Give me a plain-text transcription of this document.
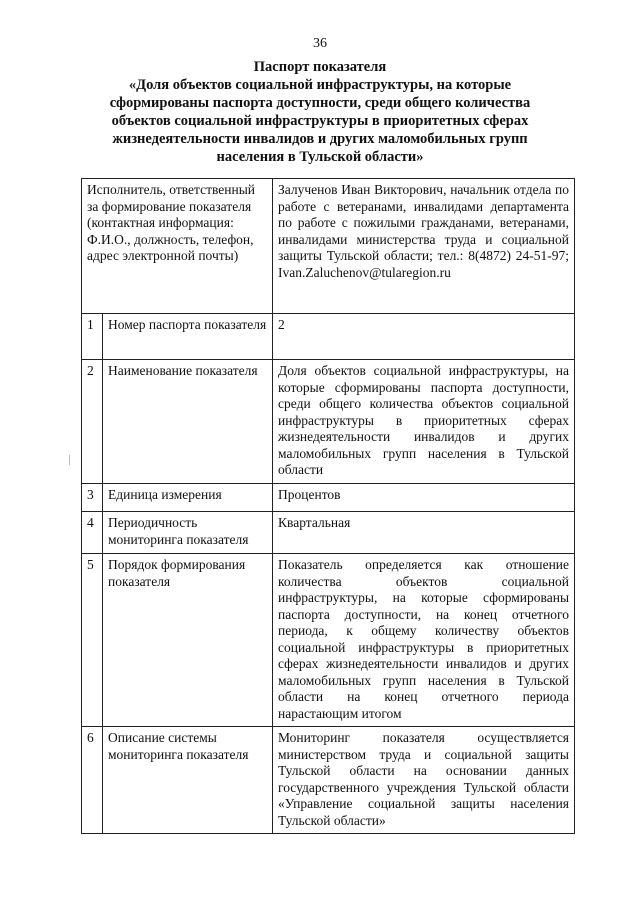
36
Паспорт показателя
«Доля объектов социальной инфраструктуры, на которые
сформированы паспорта доступности, среди общего количества
объектов социальной инфраструктуры в приоритетных сферах
жизнедеятельности инвалидов и других маломобильных групп
населения в Тульской области»
Исполнитель, ответственный за формирование показателя (контактная информация: Ф.И.О., должность, телефон, адрес электронной почты)		Залученов Иван Викторович, начальник отдела по работе с ветеранами, инвалидами департамента по работе с пожилыми гражданами, ветеранами, инвалидами министерства труда и социальной защиты Тульской области; тел.: 8(4872) 24-51-97; Ivan.Zaluchenov@tularegion.ru
1	Номер паспорта показателя	2
2	Наименование показателя	Доля объектов социальной инфраструктуры, на которые сформированы паспорта доступности, среди общего количества объектов социальной инфраструктуры в приоритетных сферах жизнедеятельности инвалидов и других маломобильных групп населения в Тульской области
3	Единица измерения	Процентов
4	Периодичность мониторинга показателя	Квартальная
5	Порядок формирования показателя	Показатель определяется как отношение количества объектов социальной инфраструктуры, на которые сформированы паспорта доступности, на конец отчетного периода, к общему количеству объектов социальной инфраструктуры в приоритетных сферах жизнедеятельности инвалидов и других маломобильных групп населения в Тульской области на конец отчетного периода нарастающим итогом
6	Описание системы мониторинга показателя	Мониторинг показателя осуществляется министерством труда и социальной защиты Тульской области на основании данных государственного учреждения Тульской области «Управление социальной защиты населения Тульской области»
